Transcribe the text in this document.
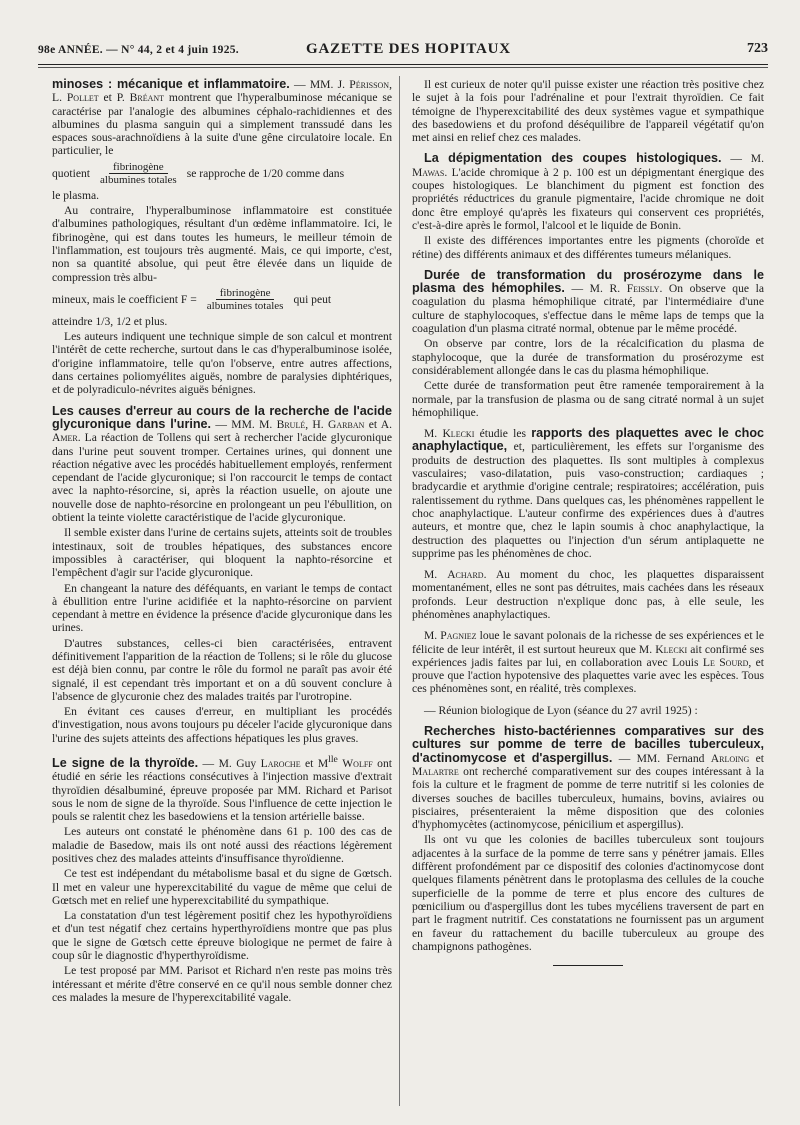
98e ANNÉE. — N° 44, 2 et 4 juin 1925.	GAZETTE DES HOPITAUX	723

minoses : mécanique et inflammatoire. — MM. J. Périsson, L. Pollet et P. Bréant montrent que l'hyperalbuminose mécanique se caractérise par l'analogie des albumines céphalo-rachidiennes et des albumines du plasma sanguin qui a simplement transsudé dans les espaces sous-arachnoïdiens à la suite d'une gêne circulatoire locale. En particulier, le

quotient $\frac{\text{fibrinogène}}{\text{albumines totales}}$ se rapproche de 1/20 comme dans

le plasma.

Au contraire, l'hyperalbuminose inflammatoire est constituée d'albumines pathologiques, résultant d'un œdème inflammatoire. Ici, le fibrinogène, qui est dans toutes les humeurs, le meilleur témoin de l'inflammation, est toujours très augmenté. Mais, ce qui importe, c'est, non sa quantité absolue, qui peut être élevée dans un liquide de compression très albu-

mineux, mais le coefficient $F = \frac{\text{fibrinogène}}{\text{albumines totales}}$ qui peut

atteindre 1/3, 1/2 et plus.

Les auteurs indiquent une technique simple de son calcul et montrent l'intérêt de cette recherche, surtout dans le cas d'hyperalbuminose isolée, d'origine inflammatoire, telle qu'on l'observe, entre autres affections, dans certaines poliomyélites aiguës, nombre de paralysies diphtériques, et de polyradiculo-névrites aiguës bénignes.

Les causes d'erreur au cours de la recherche de l'acide glycuronique dans l'urine. — MM. M. Brulé, H. Garban et A. Amer. La réaction de Tollens qui sert à rechercher l'acide glycuronique dans l'urine peut souvent tromper. Certaines urines, qui donnent une réaction négative avec les procédés habituellement employés, renferment cependant de l'acide glycuronique; si l'on raccourcit le temps de contact avec la naphto-résorcine, si, après la réaction usuelle, on ajoute une nouvelle dose de naphto-résorcine en prolongeant un peu l'ébullition, on obtient la teinte violette caractéristique de l'acide glycuronique.

Il semble exister dans l'urine de certains sujets, atteints soit de troubles intestinaux, soit de troubles hépatiques, des substances encore impossibles à caractériser, qui bloquent la naphto-résorcine et l'empêchent d'agir sur l'acide glycuronique.

En changeant la nature des déféquants, en variant le temps de contact à ébullition entre l'urine acidifiée et la naphto-résorcine on parvient cependant à mettre en évidence la présence d'acide glycuronique dans les urines.

D'autres substances, celles-ci bien caractérisées, entravent définitivement l'apparition de la réaction de Tollens; si le rôle du glucose est déjà bien connu, par contre le rôle du formol ne paraît pas avoir été signalé, il est cependant très important et on a dû souvent conclure à l'absence de glycuronie chez des malades traités par l'urotropine.

En évitant ces causes d'erreur, en multipliant les procédés d'investigation, nous avons toujours pu déceler l'acide glycuronique dans l'urine des sujets atteints des affections hépatiques les plus graves.

Le signe de la thyroïde. — M. Guy Laroche et $M^{lle}$ Wolff ont étudié en série les réactions consécutives à l'injection massive d'extrait thyroïdien désalbuminé, épreuve proposée par MM. Richard et Parisot sous le nom de signe de la thyroïde. Sous l'influence de cette injection le pouls se ralentit chez les basedowiens et la tension artérielle baisse.

Les auteurs ont constaté le phénomène dans 61 p. 100 des cas de maladie de Basedow, mais ils ont noté aussi des réactions légèrement positives chez des malades atteints d'insuffisance thyroïdienne.

Ce test est indépendant du métabolisme basal et du signe de Gœtsch. Il met en valeur une hyperexcitabilité du vague de même que celui de Gœtsch met en relief une hyperexcitabilité du sympathique.

La constatation d'un test légèrement positif chez les hypothyroïdiens et d'un test négatif chez certains hyperthyroïdiens montre que pas plus que le signe de Gœtsch cette épreuve biologique ne permet de faire à coup sûr le diagnostic d'hyperthyroïdisme.

Le test proposé par MM. Parisot et Richard n'en reste pas moins très intéressant et mérite d'être conservé en ce qu'il nous semble donner chez ces malades la mesure de l'hyperexcitabilité vagale.

Il est curieux de noter qu'il puisse exister une réaction très positive chez le sujet à la fois pour l'adrénaline et pour l'extrait thyroïdien. Ce fait témoigne de l'hyperexcitabilité des deux systèmes vague et sympathique des basedowiens et du profond déséquilibre de l'appareil végétatif qu'on met ainsi en relief chez ces malades.

La dépigmentation des coupes histologiques. — M. Mawas. L'acide chromique à 2 p. 100 est un dépigmentant énergique des coupes histologiques. Le blanchiment du pigment est fonction des propriétés réductrices du granule pigmentaire, l'acide chromique ne doit donc être employé qu'après les fixateurs qui conservent ces propriétés, c'est-à-dire après le formol, l'alcool et le liquide de Bonin.

Il existe des différences importantes entre les pigments (choroïde et rétine) des différents animaux et des différentes tumeurs mélaniques.

Durée de transformation du prosérozyme dans le plasma des hémophiles. — M. R. Feissly. On observe que la coagulation du plasma hémophilique citraté, par l'intermédiaire d'une culture de staphylocoques, s'effectue dans le même laps de temps que la coagulation d'un plasma citraté normal, obtenue par le même procédé.

On observe par contre, lors de la récalcification du plasma de staphylocoque, que la durée de transformation du prosérozyme est considérablement allongée dans le cas du plasma hémophilique.

Cette durée de transformation peut être ramenée temporairement à la normale, par la transfusion de plasma ou de sang citraté normal à un sujet hémophilique.

M. Klecki étudie les rapports des plaquettes avec le choc anaphylactique, et, particulièrement, les effets sur l'organisme des produits de destruction des plaquettes. Ils sont multiples à complexus vasculaires; vaso-dilatation, puis vaso-construction; cardiaques ; bradycardie et arythmie d'origine centrale; respiratoires; accélération, puis ralentissement du rythme. Dans quelques cas, les phénomènes rappellent le choc anaphylactique. L'auteur confirme des expériences dues à d'autres auteurs, et montre que, chez le lapin soumis à choc anaphylactique, la destruction des plaquettes ou l'injection d'un sérum antiplaquette ne supprime pas les phénomènes de choc.

M. Achard. Au moment du choc, les plaquettes disparaissent momentanément, elles ne sont pas détruites, mais cachées dans les réseaux profonds. Leur destruction n'explique donc pas, à elle seule, les phénomènes anaphylactiques.

M. Pagniez loue le savant polonais de la richesse de ses expériences et le félicite de leur intérêt, il est surtout heureux que M. Klecki ait confirmé ses expériences jadis faites par lui, en collaboration avec Louis Le Sourd, et prouve que l'action hypotensive des plaquettes varie avec les espèces. Tous ces phénomènes sont, en réalité, très complexes.

— Réunion biologique de Lyon (séance du 27 avril 1925) :

Recherches histo-bactériennes comparatives sur des cultures sur pomme de terre de bacilles tuberculeux, d'actinomycose et d'aspergillus. — MM. Fernand Arloing et Malartre ont recherché comparativement sur des coupes intéressant à la fois la culture et le fragment de pomme de terre nutritif si les colonies de diverses souches de bacilles tuberculeux, humains, bovins, aviaires ou pisciaires, présenteraient la même disposition que des colonies d'hyphomycètes (actinomycose, pénicilium et aspergillus).

Ils ont vu que les colonies de bacilles tuberculeux sont toujours adjacentes à la surface de la pomme de terre sans y pénétrer jamais. Elles diffèrent profondément par ce dispositif des colonies d'actinomycose dont quelques filaments pénètrent dans le protoplasma des cellules de la couche superficielle de la pomme de terre et plus encore des cultures de pœnicilium ou d'aspergillus dont les tubes mycéliens traversent de part en part le fragment nutritif. Ces constatations ne fournissent pas un argument en faveur du rattachement du bacille tuberculeux au groupe des champignons pathogènes.
